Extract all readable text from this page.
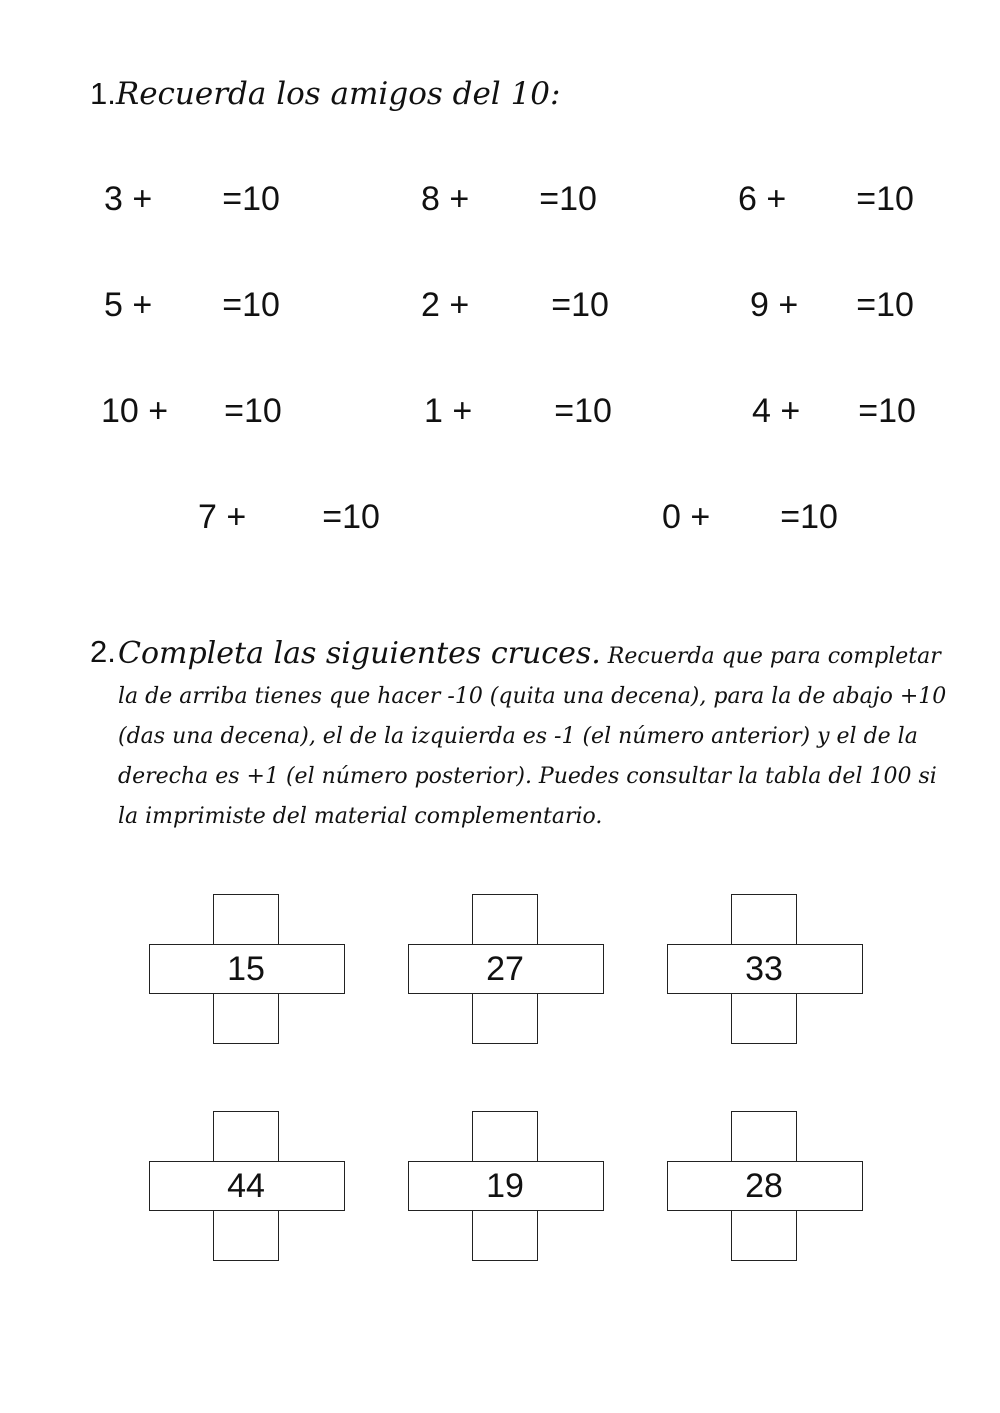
1.Recuerda los amigos del 10:
3 + =10	8 + =10	6 + =10
5 + =10	2 + =10	9 + =10
10 + =10	1 + =10	4 + =10
7 + =10	0 + =10
2. Completa las siguientes cruces. Recuerda que para completar la de arriba tienes que hacer -10 (quita una decena), para la de abajo +10 (das una decena), el de la izquierda es -1 (el número anterior) y el de la derecha es +1 (el número posterior). Puedes consultar la tabla del 100 si la imprimiste del material complementario.
15	27	33
44	19	28
